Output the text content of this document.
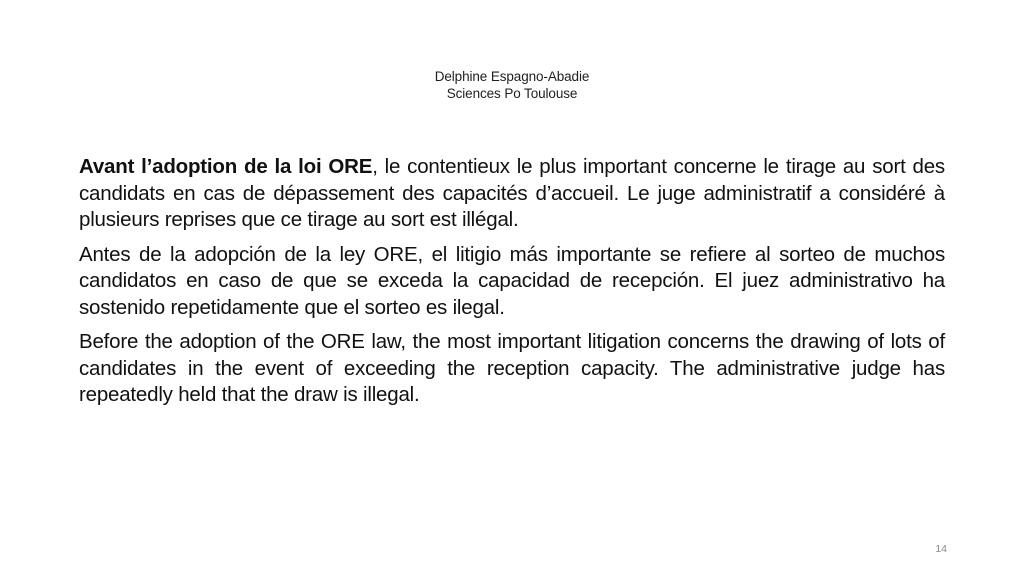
Delphine Espagno-Abadie
Sciences Po Toulouse

Avant l’adoption de la loi ORE, le contentieux le plus important concerne le tirage au sort des candidats en cas de dépassement des capacités d’accueil. Le juge administratif a considéré à plusieurs reprises que ce tirage au sort est illégal.

Antes de la adopción de la ley ORE, el litigio más importante se refiere al sorteo de muchos candidatos en caso de que se exceda la capacidad de recepción. El juez administrativo ha sostenido repetidamente que el sorteo es ilegal.

Before the adoption of the ORE law, the most important litigation concerns the drawing of lots of candidates in the event of exceeding the reception capacity. The administrative judge has repeatedly held that the draw is illegal.

14
